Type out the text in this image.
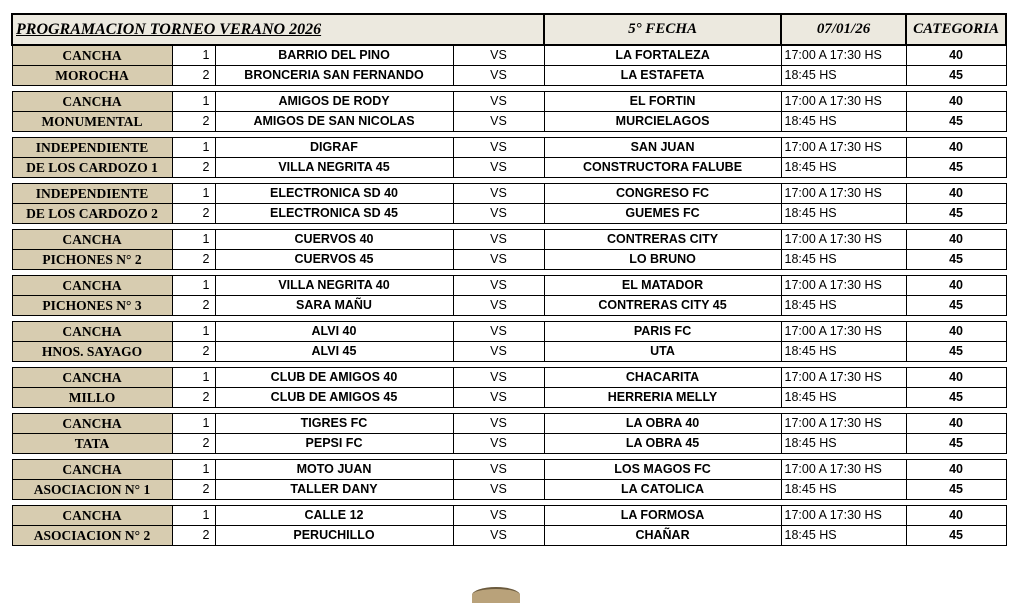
PROGRAMACION TORNEO VERANO 2026				5° FECHA	07/01/26	CATEGORIA
CANCHA	1	BARRIO DEL PINO	VS	LA FORTALEZA	17:00 A 17:30 HS	40
MOROCHA	2	BRONCERIA SAN FERNANDO	VS	LA ESTAFETA	18:45 HS	45

CANCHA	1	AMIGOS DE RODY	VS	EL FORTIN	17:00 A 17:30 HS	40
MONUMENTAL	2	AMIGOS DE SAN NICOLAS	VS	MURCIELAGOS	18:45 HS	45

INDEPENDIENTE	1	DIGRAF	VS	SAN JUAN	17:00 A 17:30 HS	40
DE LOS CARDOZO 1	2	VILLA NEGRITA 45	VS	CONSTRUCTORA FALUBE	18:45 HS	45

INDEPENDIENTE	1	ELECTRONICA SD 40	VS	CONGRESO FC	17:00 A 17:30 HS	40
DE LOS CARDOZO 2	2	ELECTRONICA SD 45	VS	GUEMES FC	18:45 HS	45

CANCHA	1	CUERVOS 40	VS	CONTRERAS CITY	17:00 A 17:30 HS	40
PICHONES N° 2	2	CUERVOS 45	VS	LO BRUNO	18:45 HS	45

CANCHA	1	VILLA NEGRITA 40	VS	EL MATADOR	17:00 A 17:30 HS	40
PICHONES N° 3	2	SARA MAÑU	VS	CONTRERAS CITY 45	18:45 HS	45

CANCHA	1	ALVI 40	VS	PARIS FC	17:00 A 17:30 HS	40
HNOS. SAYAGO	2	ALVI 45	VS	UTA	18:45 HS	45

CANCHA	1	CLUB DE AMIGOS 40	VS	CHACARITA	17:00 A 17:30 HS	40
MILLO	2	CLUB DE AMIGOS 45	VS	HERRERIA MELLY	18:45 HS	45

CANCHA	1	TIGRES FC	VS	LA OBRA 40	17:00 A 17:30 HS	40
TATA	2	PEPSI FC	VS	LA OBRA 45	18:45 HS	45

CANCHA	1	MOTO JUAN	VS	LOS MAGOS FC	17:00 A 17:30 HS	40
ASOCIACION N° 1	2	TALLER DANY	VS	LA CATOLICA	18:45 HS	45

CANCHA	1	CALLE 12	VS	LA FORMOSA	17:00 A 17:30 HS	40
ASOCIACION N° 2	2	PERUCHILLO	VS	CHAÑAR	18:45 HS	45
